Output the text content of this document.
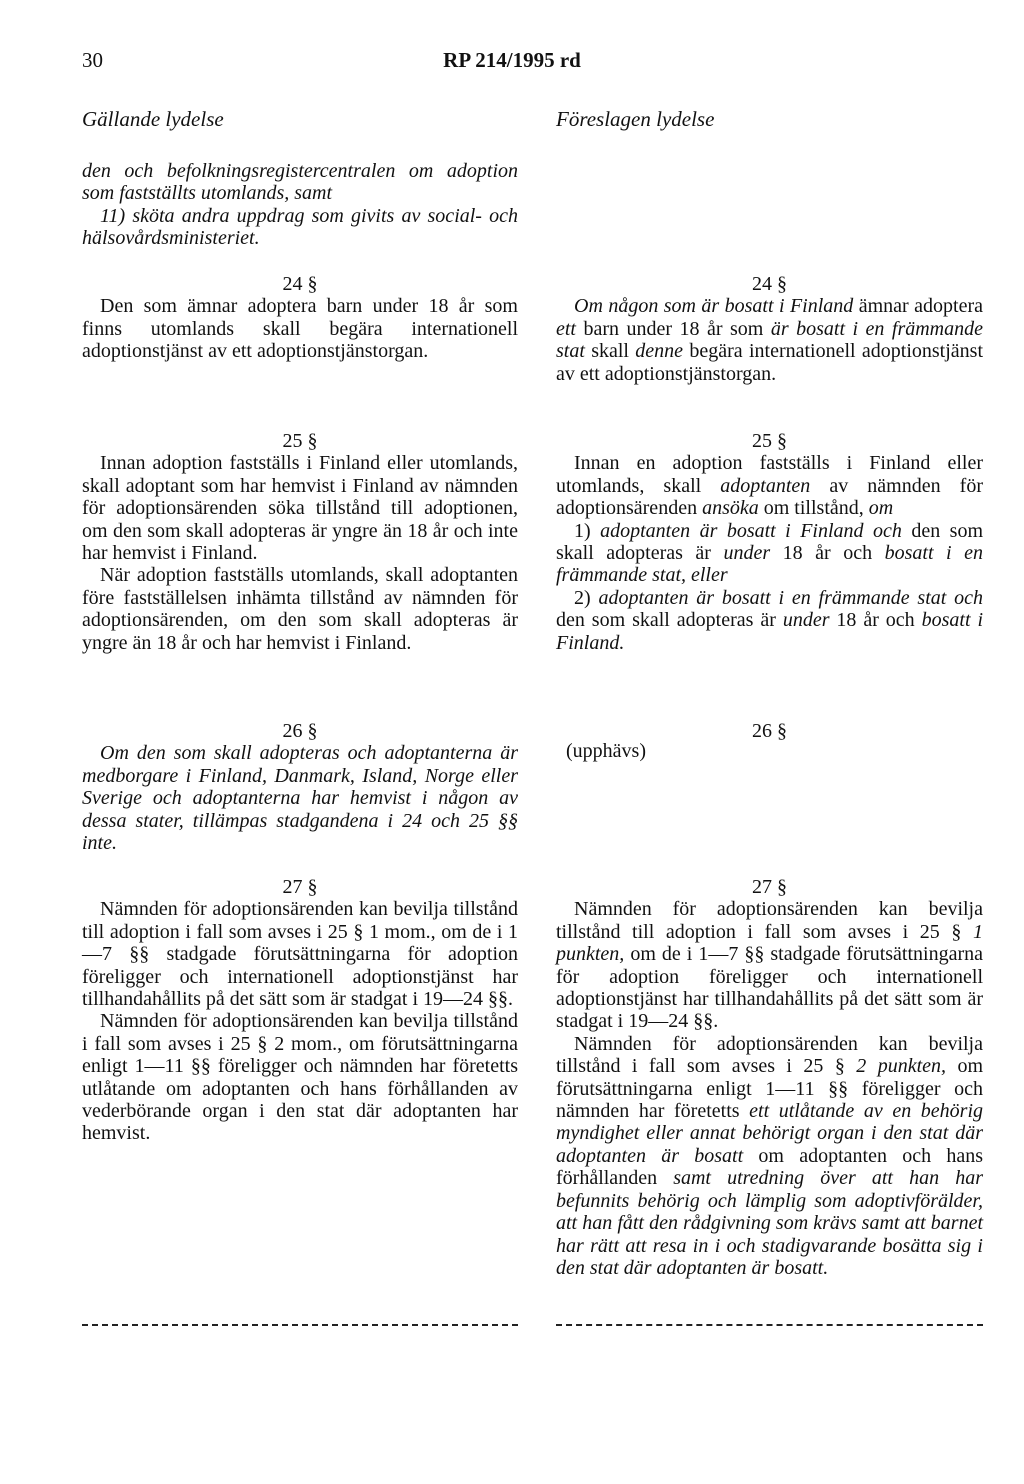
30	RP 214/1995 rd
Gällande lydelse	Föreslagen lydelse

den och befolkningsregistercentralen om adoption som fastställts utomlands, samt

11) sköta andra uppdrag som givits av social- och hälsovårdsministeriet.

24 §

Den som ämnar adoptera barn under 18 år som finns utomlands skall begära internationell adoptionstjänst av ett adoptionstjänstorgan.

25 §

Innan adoption fastställs i Finland eller utomlands, skall adoptant som har hemvist i Finland av nämnden för adoptionsärenden söka tillstånd till adoptionen, om den som skall adopteras är yngre än 18 år och inte har hemvist i Finland.

När adoption fastställs utomlands, skall adoptanten före fastställelsen inhämta tillstånd av nämnden för adoptionsärenden, om den som skall adopteras är yngre än 18 år och har hemvist i Finland.

26 §

Om den som skall adopteras och adoptanterna är medborgare i Finland, Danmark, Island, Norge eller Sverige och adoptanterna har hemvist i någon av dessa stater, tillämpas stadgandena i 24 och 25 §§ inte.

27 §

Nämnden för adoptionsärenden kan bevilja tillstånd till adoption i fall som avses i 25 § 1 mom., om de i 1—7 §§ stadgade förutsättningarna för adoption föreligger och internationell adoptionstjänst har tillhandahållits på det sätt som är stadgat i 19—24 §§.

Nämnden för adoptionsärenden kan bevilja tillstånd i fall som avses i 25 § 2 mom., om förutsättningarna enligt 1—11 §§ föreligger och nämnden har företetts utlåtande om adoptanten och hans förhållanden av vederbörande organ i den stat där adoptanten har hemvist.

24 §

Om någon som är bosatt i Finland ämnar adoptera ett barn under 18 år som är bosatt i en främmande stat skall denne begära internationell adoptionstjänst av ett adoptionstjänstorgan.

25 §

Innan en adoption fastställs i Finland eller utomlands, skall adoptanten av nämnden för adoptionsärenden ansöka om tillstånd, om

1) adoptanten är bosatt i Finland och den som skall adopteras är under 18 år och bosatt i en främmande stat, eller

2) adoptanten är bosatt i en främmande stat och den som skall adopteras är under 18 år och bosatt i Finland.

26 §

(upphävs)

27 §

Nämnden för adoptionsärenden kan bevilja tillstånd till adoption i fall som avses i 25 § 1 punkten, om de i 1—7 §§ stadgade förutsättningarna för adoption föreligger och internationell adoptionstjänst har tillhandahållits på det sätt som är stadgat i 19—24 §§.

Nämnden för adoptionsärenden kan bevilja tillstånd i fall som avses i 25 § 2 punkten, om förutsättningarna enligt 1—11 §§ föreligger och nämnden har företetts ett utlåtande av en behörig myndighet eller annat behörigt organ i den stat där adoptanten är bosatt om adoptanten och hans förhållanden samt utredning över att han har befunnits behörig och lämplig som adoptivförälder, att han fått den rådgivning som krävs samt att barnet har rätt att resa in i och stadigvarande bosätta sig i den stat där adoptanten är bosatt.
